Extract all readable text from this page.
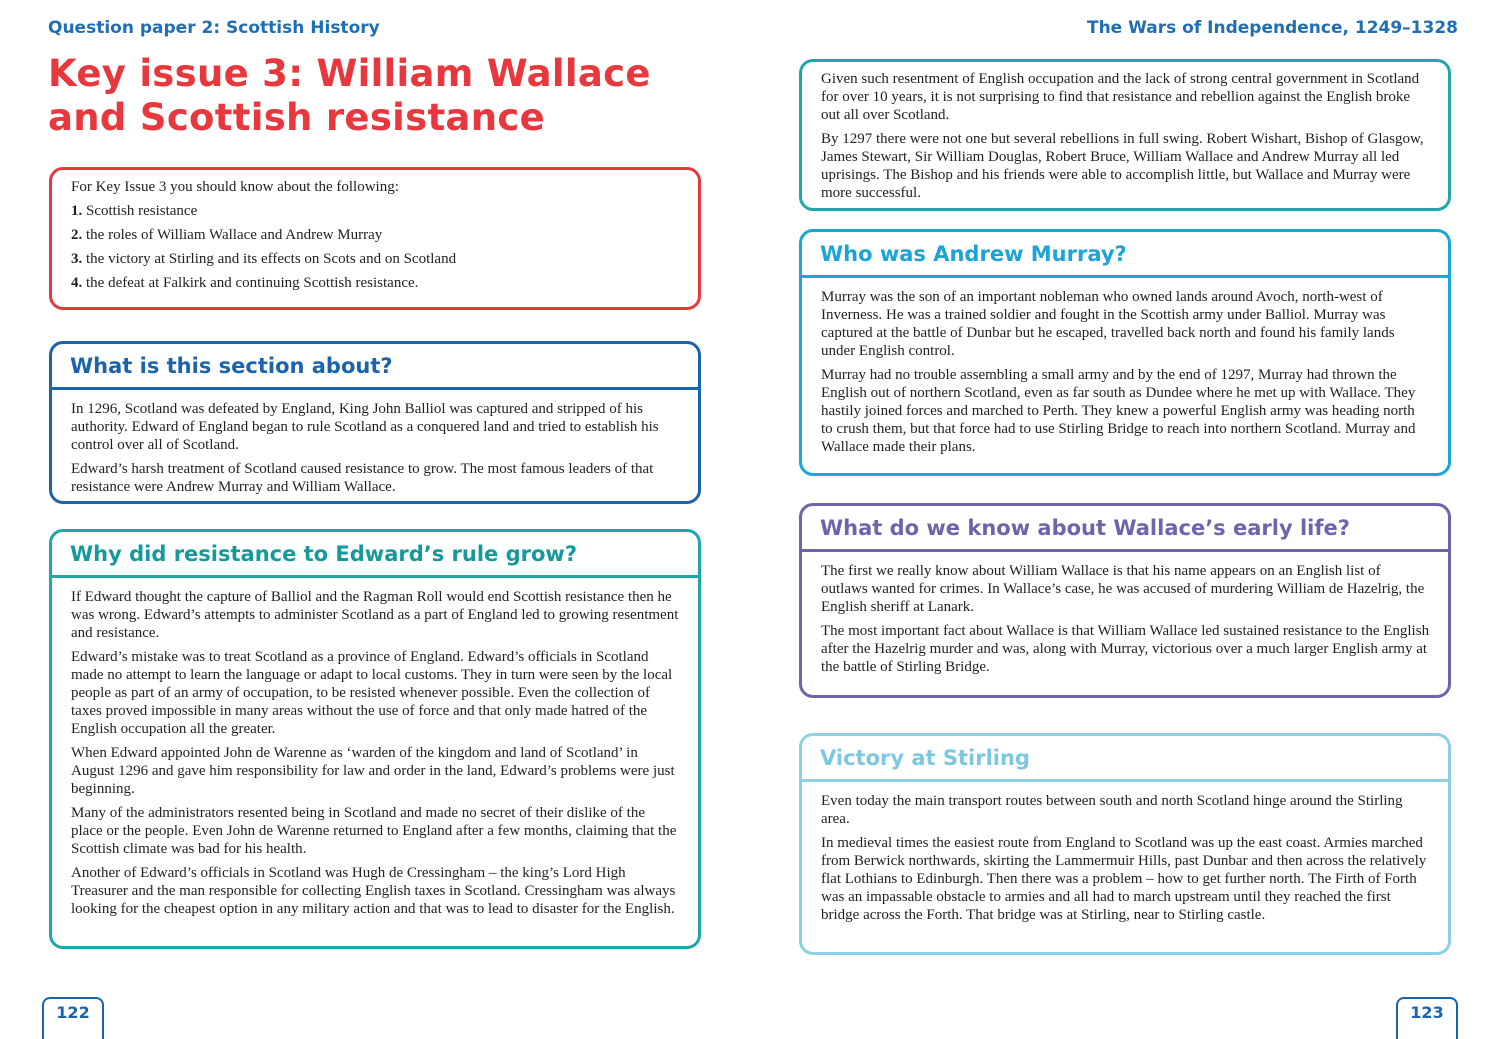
Question paper 2: Scottish History	The Wars of Independence, 1249–1328
Key issue 3: William Wallace
and Scottish resistance

For Key Issue 3 you should know about the following:

1. Scottish resistance
2. the roles of William Wallace and Andrew Murray
3. the victory at Stirling and its effects on Scots and on Scotland
4. the defeat at Falkirk and continuing Scottish resistance.
What is this section about?

In 1296, Scotland was defeated by England, King John Balliol was captured and stripped of his authority. Edward of England began to rule Scotland as a conquered land and tried to establish his control over all of Scotland.

Edward’s harsh treatment of Scotland caused resistance to grow. The most famous leaders of that resistance were Andrew Murray and William Wallace.

Why did resistance to Edward’s rule grow?

If Edward thought the capture of Balliol and the Ragman Roll would end Scottish resistance then he was wrong. Edward’s attempts to administer Scotland as a part of England led to growing resentment and resistance.

Edward’s mistake was to treat Scotland as a province of England. Edward’s officials in Scotland made no attempt to learn the language or adapt to local customs. They in turn were seen by the local people as part of an army of occupation, to be resisted whenever possible. Even the collection of taxes proved impossible in many areas without the use of force and that only made hatred of the English occupation all the greater.

When Edward appointed John de Warenne as ‘warden of the kingdom and land of Scotland’ in August 1296 and gave him responsibility for law and order in the land, Edward’s problems were just beginning.

Many of the administrators resented being in Scotland and made no secret of their dislike of the place or the people. Even John de Warenne returned to England after a few months, claiming that the Scottish climate was bad for his health.

Another of Edward’s officials in Scotland was Hugh de Cressingham – the king’s Lord High Treasurer and the man responsible for collecting English taxes in Scotland. Cressingham was always looking for the cheapest option in any military action and that was to lead to disaster for the English.

Given such resentment of English occupation and the lack of strong central government in Scotland for over 10 years, it is not surprising to find that resistance and rebellion against the English broke out all over Scotland.

By 1297 there were not one but several rebellions in full swing. Robert Wishart, Bishop of Glasgow, James Stewart, Sir William Douglas, Robert Bruce, William Wallace and Andrew Murray all led uprisings. The Bishop and his friends were able to accomplish little, but Wallace and Murray were more successful.

Who was Andrew Murray?

Murray was the son of an important nobleman who owned lands around Avoch, north-west of Inverness. He was a trained soldier and fought in the Scottish army under Balliol. Murray was captured at the battle of Dunbar but he escaped, travelled back north and found his family lands under English control.

Murray had no trouble assembling a small army and by the end of 1297, Murray had thrown the English out of northern Scotland, even as far south as Dundee where he met up with Wallace. They hastily joined forces and marched to Perth. They knew a powerful English army was heading north to crush them, but that force had to use Stirling Bridge to reach into northern Scotland. Murray and Wallace made their plans.

What do we know about Wallace’s early life?

The first we really know about William Wallace is that his name appears on an English list of outlaws wanted for crimes. In Wallace’s case, he was accused of murdering William de Hazelrig, the English sheriff at Lanark.

The most important fact about Wallace is that William Wallace led sustained resistance to the English after the Hazelrig murder and was, along with Murray, victorious over a much larger English army at the battle of Stirling Bridge.

Victory at Stirling

Even today the main transport routes between south and north Scotland hinge around the Stirling area.

In medieval times the easiest route from England to Scotland was up the east coast. Armies marched from Berwick northwards, skirting the Lammermuir Hills, past Dunbar and then across the relatively flat Lothians to Edinburgh. Then there was a problem – how to get further north. The Firth of Forth was an impassable obstacle to armies and all had to march upstream until they reached the first bridge across the Forth. That bridge was at Stirling, near to Stirling castle.

122	123
